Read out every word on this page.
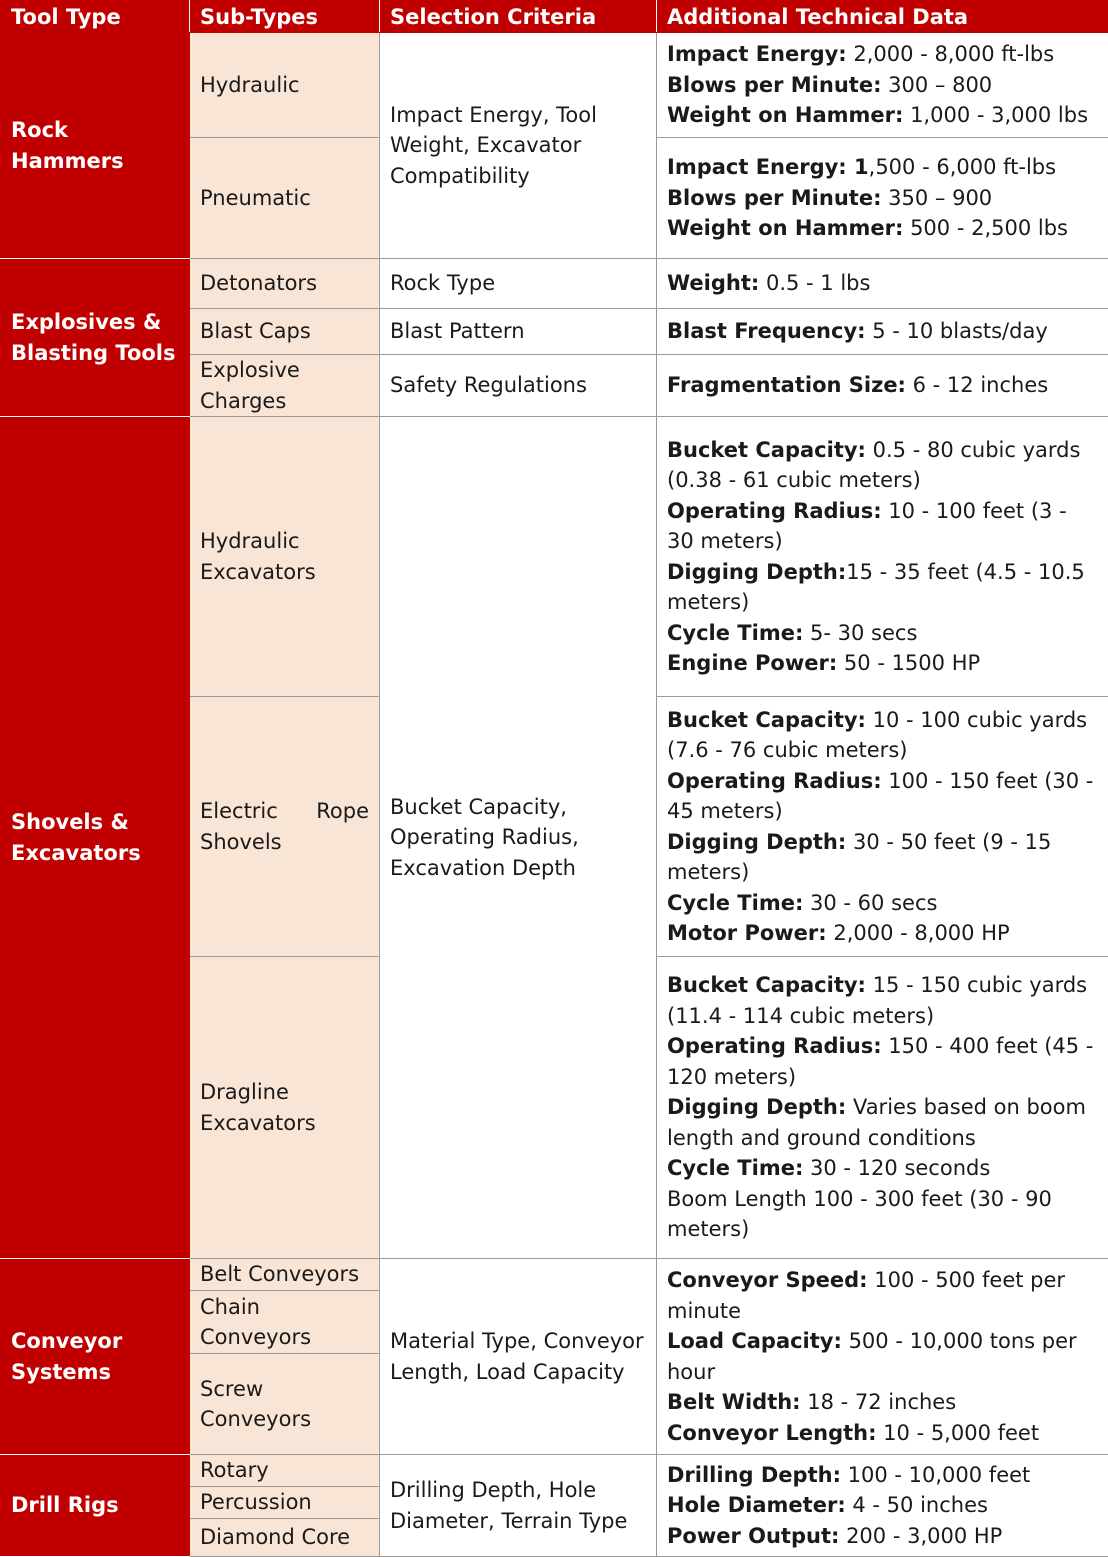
Tool Type	Sub-Types	Selection Criteria	Additional Technical Data
Rock Hammers	Hydraulic	Impact Energy, Tool Weight, Excavator Compatibility	Impact Energy: 2,000 - 8,000 ft-lbs
Blows per Minute: 300 – 800
Weight on Hammer: 1,000 - 3,000 lbs

	Pneumatic		Impact Energy: 1,500 - 6,000 ft-lbs
Blows per Minute: 350 – 900
Weight on Hammer: 500 - 2,500 lbs

Explosives & Blasting Tools	Detonators	Rock Type	Weight: 0.5 - 1 lbs
	Blast Caps	Blast Pattern	Blast Frequency: 5 - 10 blasts/day
	Explosive Charges	Safety Regulations	Fragmentation Size: 6 - 12 inches
Shovels & Excavators	Hydraulic Excavators	Bucket Capacity, Operating Radius, Excavation Depth	Bucket Capacity: 0.5 - 80 cubic yards (0.38 - 61 cubic meters)
Operating Radius: 10 - 100 feet (3 - 30 meters)
Digging Depth:15 - 35 feet (4.5 - 10.5 meters)
Cycle Time: 5- 30 secs
Engine Power: 50 - 1500 HP

	Electric Rope Shovels		Bucket Capacity: 10 - 100 cubic yards (7.6 - 76 cubic meters)
Operating Radius: 100 - 150 feet (30 - 45 meters)
Digging Depth: 30 - 50 feet (9 - 15 meters)
Cycle Time: 30 - 60 secs
Motor Power: 2,000 - 8,000 HP

	Dragline Excavators		Bucket Capacity: 15 - 150 cubic yards (11.4 - 114 cubic meters)
Operating Radius: 150 - 400 feet (45 - 120 meters)
Digging Depth: Varies based on boom length and ground conditions
Cycle Time: 30 - 120 seconds
Boom Length 100 - 300 feet (30 - 90 meters)

Conveyor Systems	Belt Conveyors	Material Type, Conveyor Length, Load Capacity	Conveyor Speed: 100 - 500 feet per minute
Load Capacity: 500 - 10,000 tons per hour
Belt Width: 18 - 72 inches
Conveyor Length: 10 - 5,000 feet

	Chain Conveyors		
	Screw Conveyors		
Drill Rigs	Rotary	Drilling Depth, Hole Diameter, Terrain Type	Drilling Depth: 100 - 10,000 feet
Hole Diameter: 4 - 50 inches
Power Output: 200 - 3,000 HP

	Percussion		
	Diamond Core		
